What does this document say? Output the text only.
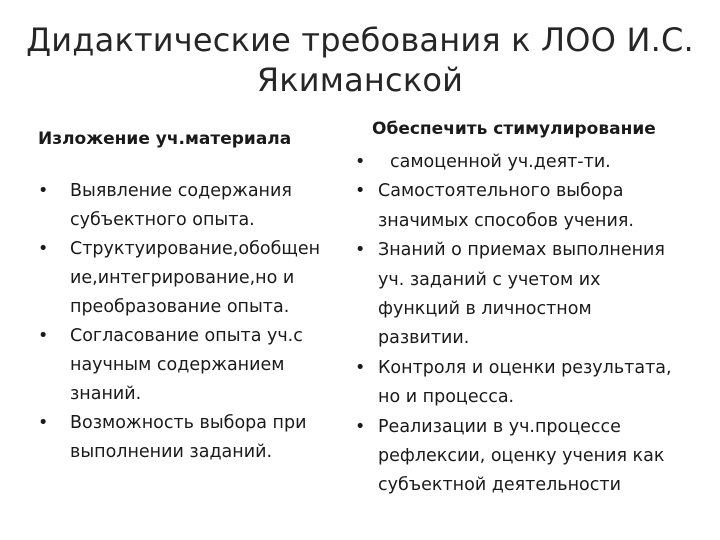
Дидактические требования к ЛОО И.С.
Якиманской
Изложение уч.материала	Обеспечить стимулирование
• Выявление содержания
субъектного опыта.
• Структуирование,обобщен
ие,интегрирование,но и
преобразование опыта.
• Согласование опыта уч.с
научным содержанием
знаний.
• Возможность выбора при
выполнении заданий.
•	самоценной уч.деят-ти.
• Самостоятельного выбора
значимых способов учения.
• Знаний о приемах выполнения
уч. заданий с учетом их
функций в личностном
развитии.
• Контроля и оценки результата,
но и процесса.
• Реализации в уч.процессе
рефлексии, оценку учения как
субъектной деятельности
